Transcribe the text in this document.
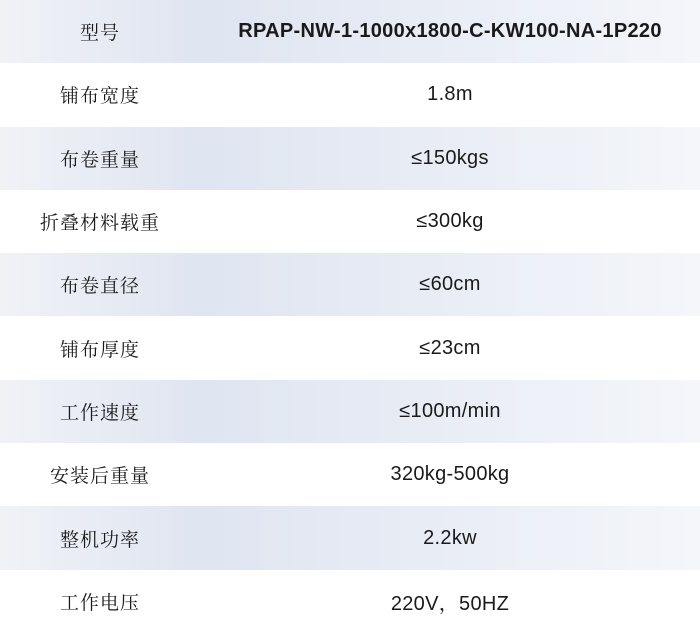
型号	RPAP-NW-1-1000x1800-C-KW100-NA-1P220
铺布宽度	1.8m
布卷重量	≤150kgs
折叠材料载重	≤300kg
布卷直径	≤60cm
铺布厚度	≤23cm
工作速度	≤100m/min
安装后重量	320kg-500kg
整机功率	2.2kw
工作电压	220V，50HZ
